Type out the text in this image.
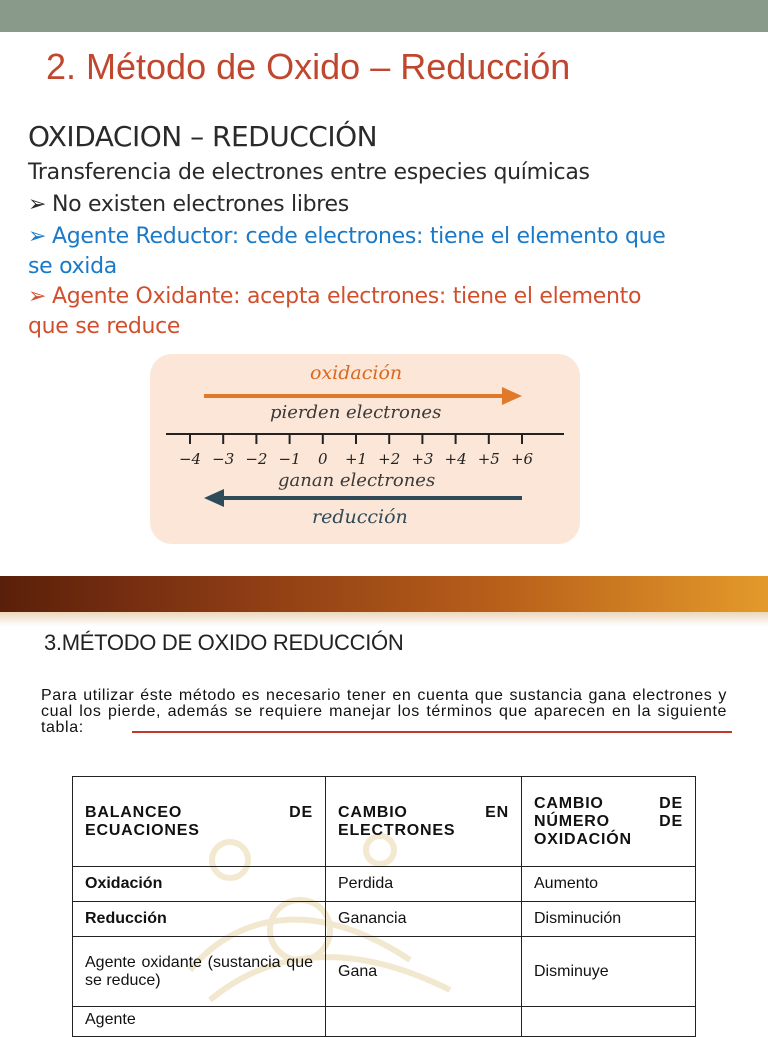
2. Método de Oxido – Reducción
OXIDACION – REDUCCIÓN
Transferencia de electrones entre especies químicas
➢ No existen electrones libres
➢ Agente Reductor: cede electrones: tiene el elemento que
se oxida
➢ Agente Oxidante: acepta electrones: tiene el elemento
que se reduce
oxidación
pierden electrones
−4 −3 −2 −1 0 +1 +2 +3 +4 +5 +6
ganan electrones
reducción
3.MÉTODO DE OXIDO REDUCCIÓN
Para utilizar éste método es necesario tener en cuenta que sustancia gana electrones y cual los pierde, además se requiere manejar los términos que aparecen en la siguiente tabla:
BALANCEO DE ECUACIONES	CAMBIO EN ELECTRONES	CAMBIO DE NÚMERO DE OXIDACIÓN

Oxidación	Perdida	Aumento
Reducción	Ganancia	Disminución

Agente oxidante (sustancia que se reduce)	Gana	Disminuye
Agente		
